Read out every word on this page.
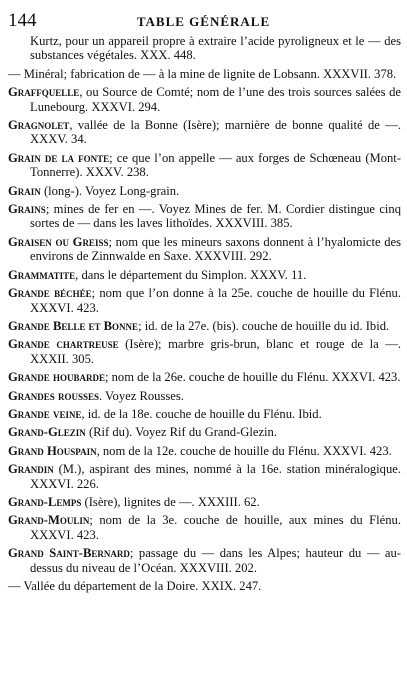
144	TABLE GÉNÉRALE

Kurtz, pour un appareil propre à extraire l’acide pyroligneux et le — des substances végétales. XXX. 448.

— Minéral; fabrication de — à la mine de lignite de Lobsann. XXXVII. 378.

Graffquelle, ou Source de Comté; nom de l’une des trois sources salées de Lunebourg. XXXVI. 294.

Gragnolet, vallée de la Bonne (Isère); marnière de bonne qualité de —. XXXV. 34.

Grain de la fonte; ce que l’on appelle — aux forges de Schœneau (Mont-Tonnerre). XXXV. 238.

Grain (long-). Voyez Long-grain.

Grains; mines de fer en —. Voyez Mines de fer. M. Cordier distingue cinq sortes de — dans les laves lithoïdes. XXXVIII. 385.

Graisen ou Greiss; nom que les mineurs saxons donnent à l’hyalomicte des environs de Zinnwalde en Saxe. XXXVIII. 292.

Grammatite, dans le département du Simplon. XXXV. 11.

Grande béchée; nom que l’on donne à la 25e. couche de houille du Flénu. XXXVI. 423.

Grande Belle et Bonne; id. de la 27e. (bis). couche de houille du id. Ibid.

Grande chartreuse (Isère); marbre gris-brun, blanc et rouge de la —. XXXII. 305.

Grande houbarde; nom de la 26e. couche de houille du Flénu. XXXVI. 423.

Grandes rousses. Voyez Rousses.

Grande veine, id. de la 18e. couche de houille du Flénu. Ibid.

Grand-Glezin (Rif du). Voyez Rif du Grand-Glezin.

Grand Houspain, nom de la 12e. couche de houille du Flénu. XXXVI. 423.

Grandin (M.), aspirant des mines, nommé à la 16e. station minéralogique. XXXVI. 226.

Grand-Lemps (Isère), lignites de —. XXXIII. 62.

Grand-Moulin; nom de la 3e. couche de houille, aux mines du Flénu. XXXVI. 423.

Grand Saint-Bernard; passage du — dans les Alpes; hauteur du — au-dessus du niveau de l’Océan. XXXVIII. 202.

— Vallée du département de la Doire. XXIX. 247.
